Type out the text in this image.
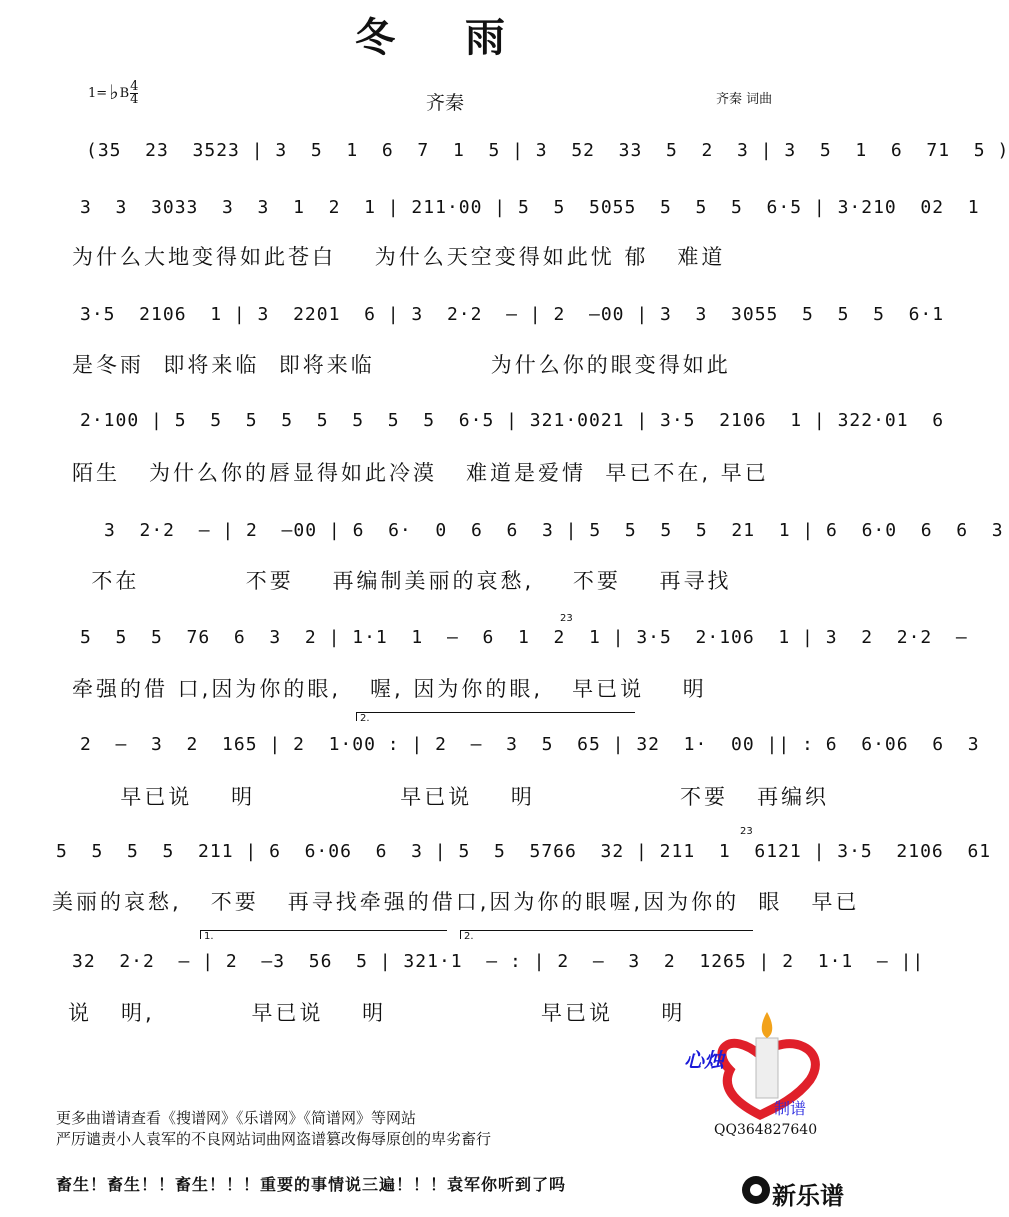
冬 雨
1= ♭B $\frac{4}{4}$	齐秦	齐秦 词曲
(35  23  3523 | 3  5  1  6  7  1  5 | 3  52  33  5  2  3 | 3  5  1  6  71  5 )
3  3  3033  3  3  1  2  1 | 211·00 | 5  5  5055  5  5  5  6·5 | 3·210  02  1
3·5  2106  1 | 3  2201  6 | 3  2·2  – | 2  –00 | 3  3  3055  5  5  5  6·1
2·100 | 5  5  5  5  5  5  5  5  6·5 | 321·0021 | 3·5  2106  1 | 322·01  6
3  2·2  – | 2  –00 | 6  6·  0  6  6  3 | 5  5  5  5  21  1 | 6  6·0  6  6  3
5  5  5  76  6  3  2 | 1·1  1  –  6  1  2  1 | 3·5  2·106  1 | 3  2  2·2  –
2  –  3  2  165 | 2  1·00 : | 2  –  3  5  65 | 32  1·  00 || : 6  6·06  6  3
5  5  5  5  211 | 6  6·06  6  3 | 5  5  5766  32 | 211  1  6121 | 3·5  2106  61
32  2·2  – | 2  –3  56  5 | 321·1  – : | 2  –  3  2  1265 | 2  1·1  – ||
2.
1.	2.
23
23
为什么大地变得如此苍白    为什么天空变得如此忧 郁   难道
是冬雨  即将来临  即将来临            为什么你的眼变得如此
陌生   为什么你的唇显得如此冷漠   难道是爱情  早已不在, 早已
不在           不要    再编制美丽的哀愁,    不要    再寻找
牵强的借 口,因为你的眼,   喔, 因为你的眼,   早已说    明
早已说    明               早已说    明               不要   再编织
美丽的哀愁,   不要   再寻找牵强的借口,因为你的眼喔,因为你的  眼   早已
说   明,          早已说    明                早已说     明
心烛
制谱
QQ364827640
更多曲谱请查看《搜谱网》《乐谱网》《简谱网》等网站
严厉谴责小人袁军的不良网站词曲网盗谱篡改侮辱原创的卑劣畜行
畜生！畜生！！畜生！！！重要的事情说三遍！！！袁军你听到了吗	新乐谱
